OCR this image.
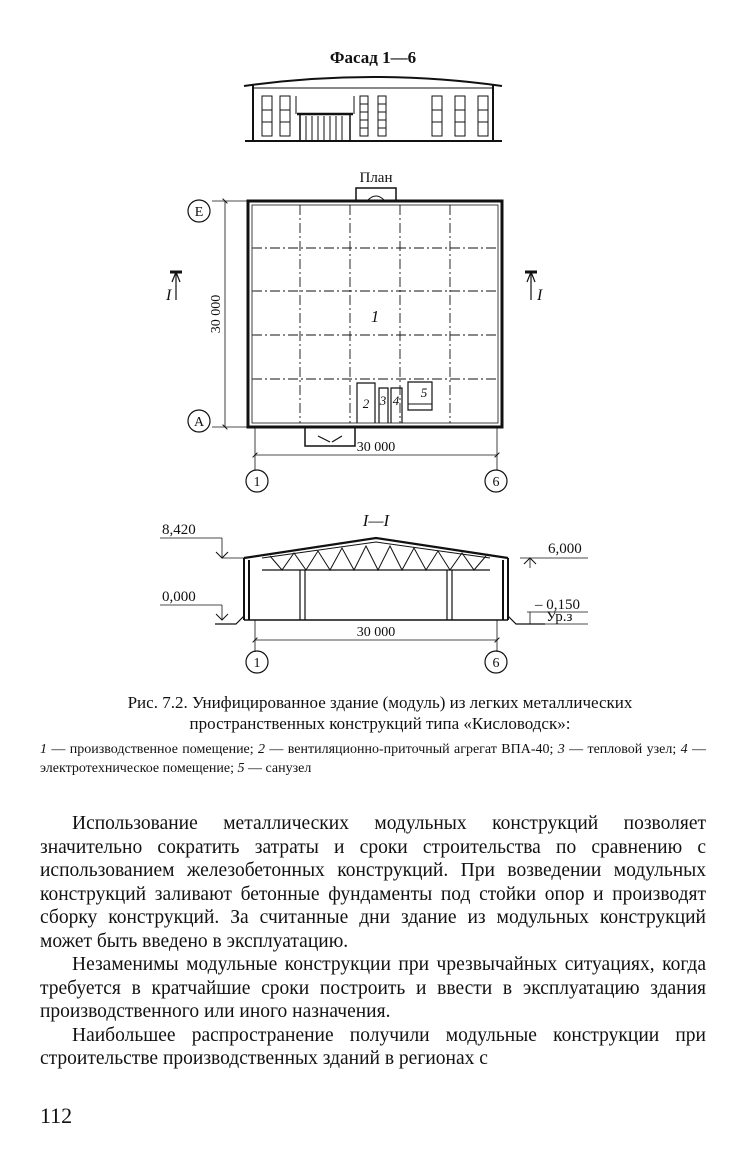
Фасад 1—6
План
Е
А
1	6
30 000
30 000
I	I
1
2 3 4
5
I—I
8,420
0,000
6,000
– 0,150
Ур.з
30 000
1	6
Рис. 7.2. Унифицированное здание (модуль) из легких металлических пространственных конструкций типа «Кисловодск»:
1 — производственное помещение; 2 — вентиляционно-приточный агрегат ВПА-40; 3 — тепловой узел; 4 — электротехническое помещение; 5 — санузел

Использование металлических модульных конструкций позволяет значительно сократить затраты и сроки строительства по сравнению с использованием железобетонных конструкций. При возведении модульных конструкций заливают бетонные фундаменты под стойки опор и производят сборку конструкций. За считанные дни здание из модульных конструкций может быть введено в эксплуатацию.

Незаменимы модульные конструкции при чрезвычайных ситуациях, когда требуется в кратчайшие сроки построить и ввести в эксплуатацию здания производственного или иного назначения.

Наибольшее распространение получили модульные конструкции при строительстве производственных зданий в регионах с

112
